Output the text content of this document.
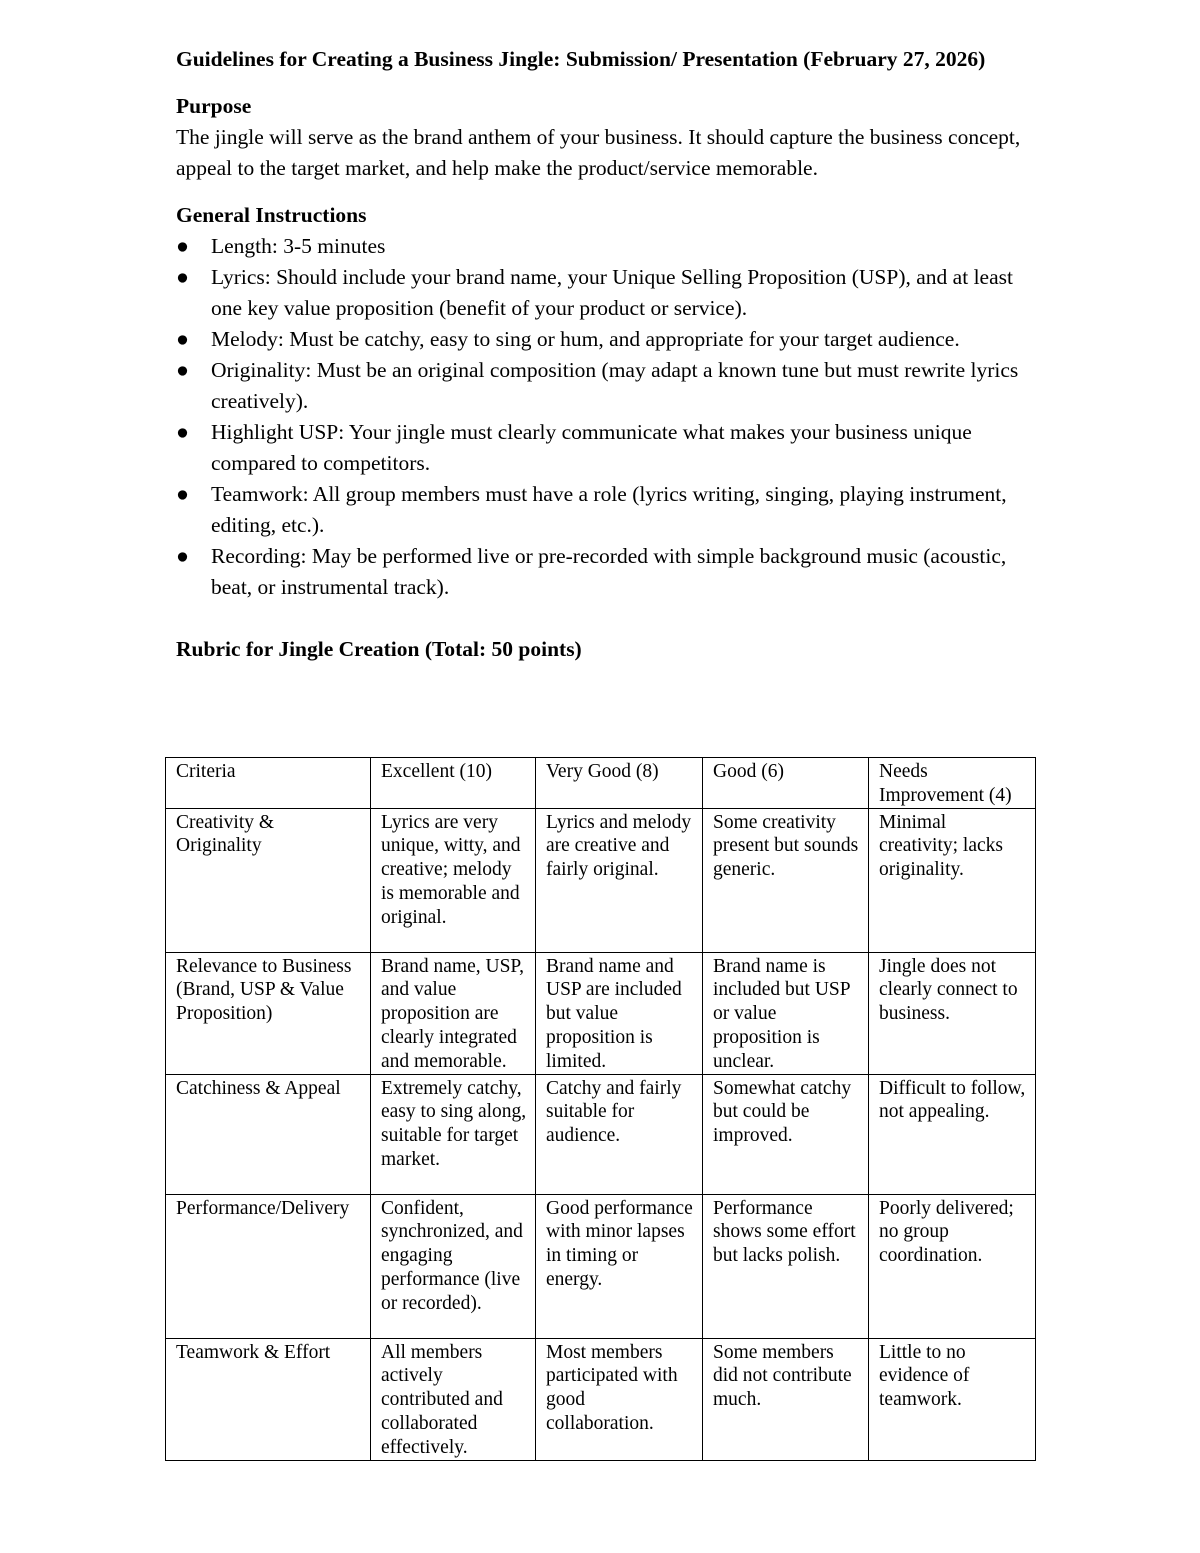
Guidelines for Creating a Business Jingle: Submission/ Presentation (February 27, 2026)

Purpose

The jingle will serve as the brand anthem of your business. It should capture the business concept, appeal to the target market, and help make the product/service memorable.

General Instructions

● Length: 3-5 minutes
● Lyrics: Should include your brand name, your Unique Selling Proposition (USP), and at least one key value proposition (benefit of your product or service).
● Melody: Must be catchy, easy to sing or hum, and appropriate for your target audience.
● Originality: Must be an original composition (may adapt a known tune but must rewrite lyrics creatively).
● Highlight USP: Your jingle must clearly communicate what makes your business unique compared to competitors.
● Teamwork: All group members must have a role (lyrics writing, singing, playing instrument, editing, etc.).
● Recording: May be performed live or pre-recorded with simple background music (acoustic, beat, or instrumental track).

Rubric for Jingle Creation (Total: 50 points)

Criteria	Excellent (10)	Very Good (8)	Good (6)	Needs Improvement (4)
Creativity & Originality	Lyrics are very unique, witty, and creative; melody is memorable and original.	Lyrics and melody are creative and fairly original.	Some creativity present but sounds generic.	Minimal creativity; lacks originality.
Relevance to Business (Brand, USP & Value Proposition)	Brand name, USP, and value proposition are clearly integrated and memorable.	Brand name and USP are included but value proposition is limited.	Brand name is included but USP or value proposition is unclear.	Jingle does not clearly connect to business.
Catchiness & Appeal	Extremely catchy, easy to sing along, suitable for target market.	Catchy and fairly suitable for audience.	Somewhat catchy but could be improved.	Difficult to follow, not appealing.
Performance/Delivery	Confident, synchronized, and engaging performance (live or recorded).	Good performance with minor lapses in timing or energy.	Performance shows some effort but lacks polish.	Poorly delivered; no group coordination.
Teamwork & Effort	All members actively contributed and collaborated effectively.	Most members participated with good collaboration.	Some members did not contribute much.	Little to no evidence of teamwork.
